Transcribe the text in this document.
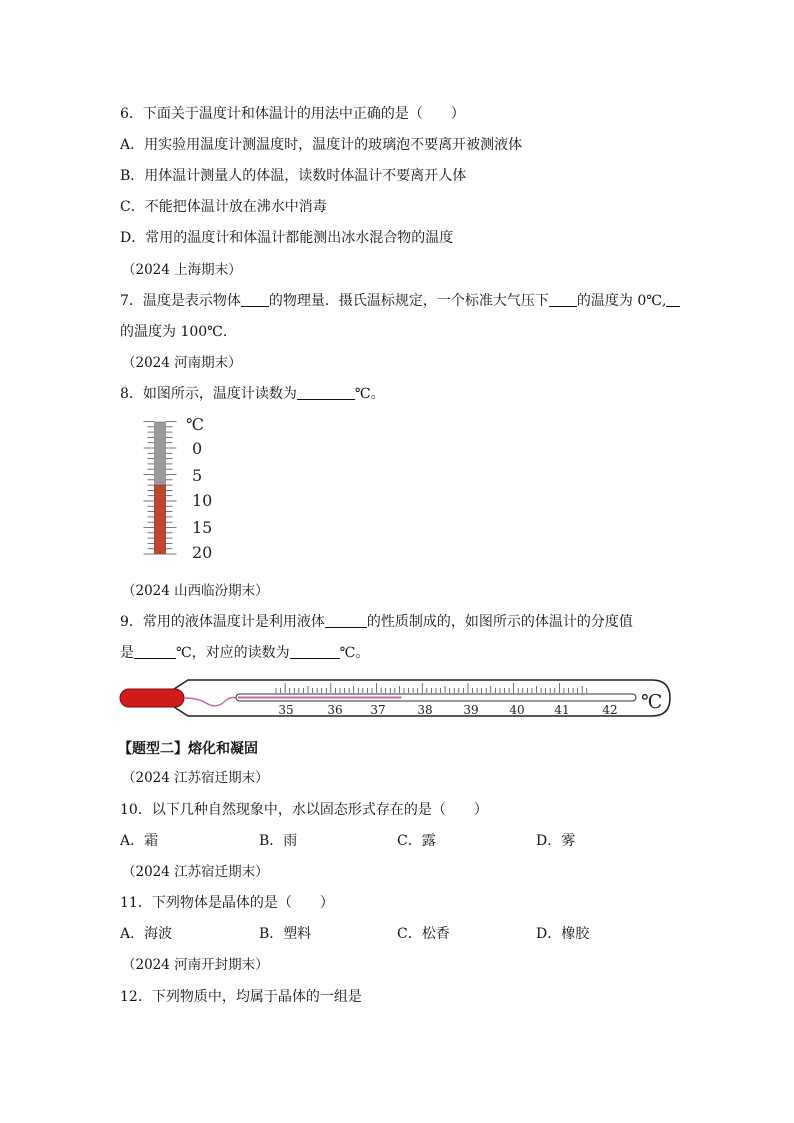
6．下面关于温度计和体温计的用法中正确的是（　　）
A．用实验用温度计测温度时，温度计的玻璃泡不要离开被测液体
B．用体温计测量人的体温，读数时体温计不要离开人体
C．不能把体温计放在沸水中消毒
D．常用的温度计和体温计都能测出冰水混合物的温度
（2024 上海期末）
7．温度是表示物体 的物理量．摄氏温标规定，一个标准大气压下 的温度为 0℃,
的温度为 100℃.
（2024 河南期末）
8．如图所示，温度计读数为	℃。
℃
0
5
10
15
20
（2024 山西临汾期末）
9．常用的液体温度计是利用液体	的性质制成的，如图所示的体温计的分度值
是	℃，对应的读数为	℃。
35	36 37	38	39	40 41	42 ℃
【题型二】熔化和凝固
（2024 江苏宿迁期末）
10．以下几种自然现象中，水以固态形式存在的是（　　）
A．霜	B．雨	C．露	D．雾
（2024 江苏宿迁期末）
11．下列物体是晶体的是（　　）
A．海波	B．塑料	C．松香	D．橡胶
（2024 河南开封期末）
12．下列物质中，均属于晶体的一组是
